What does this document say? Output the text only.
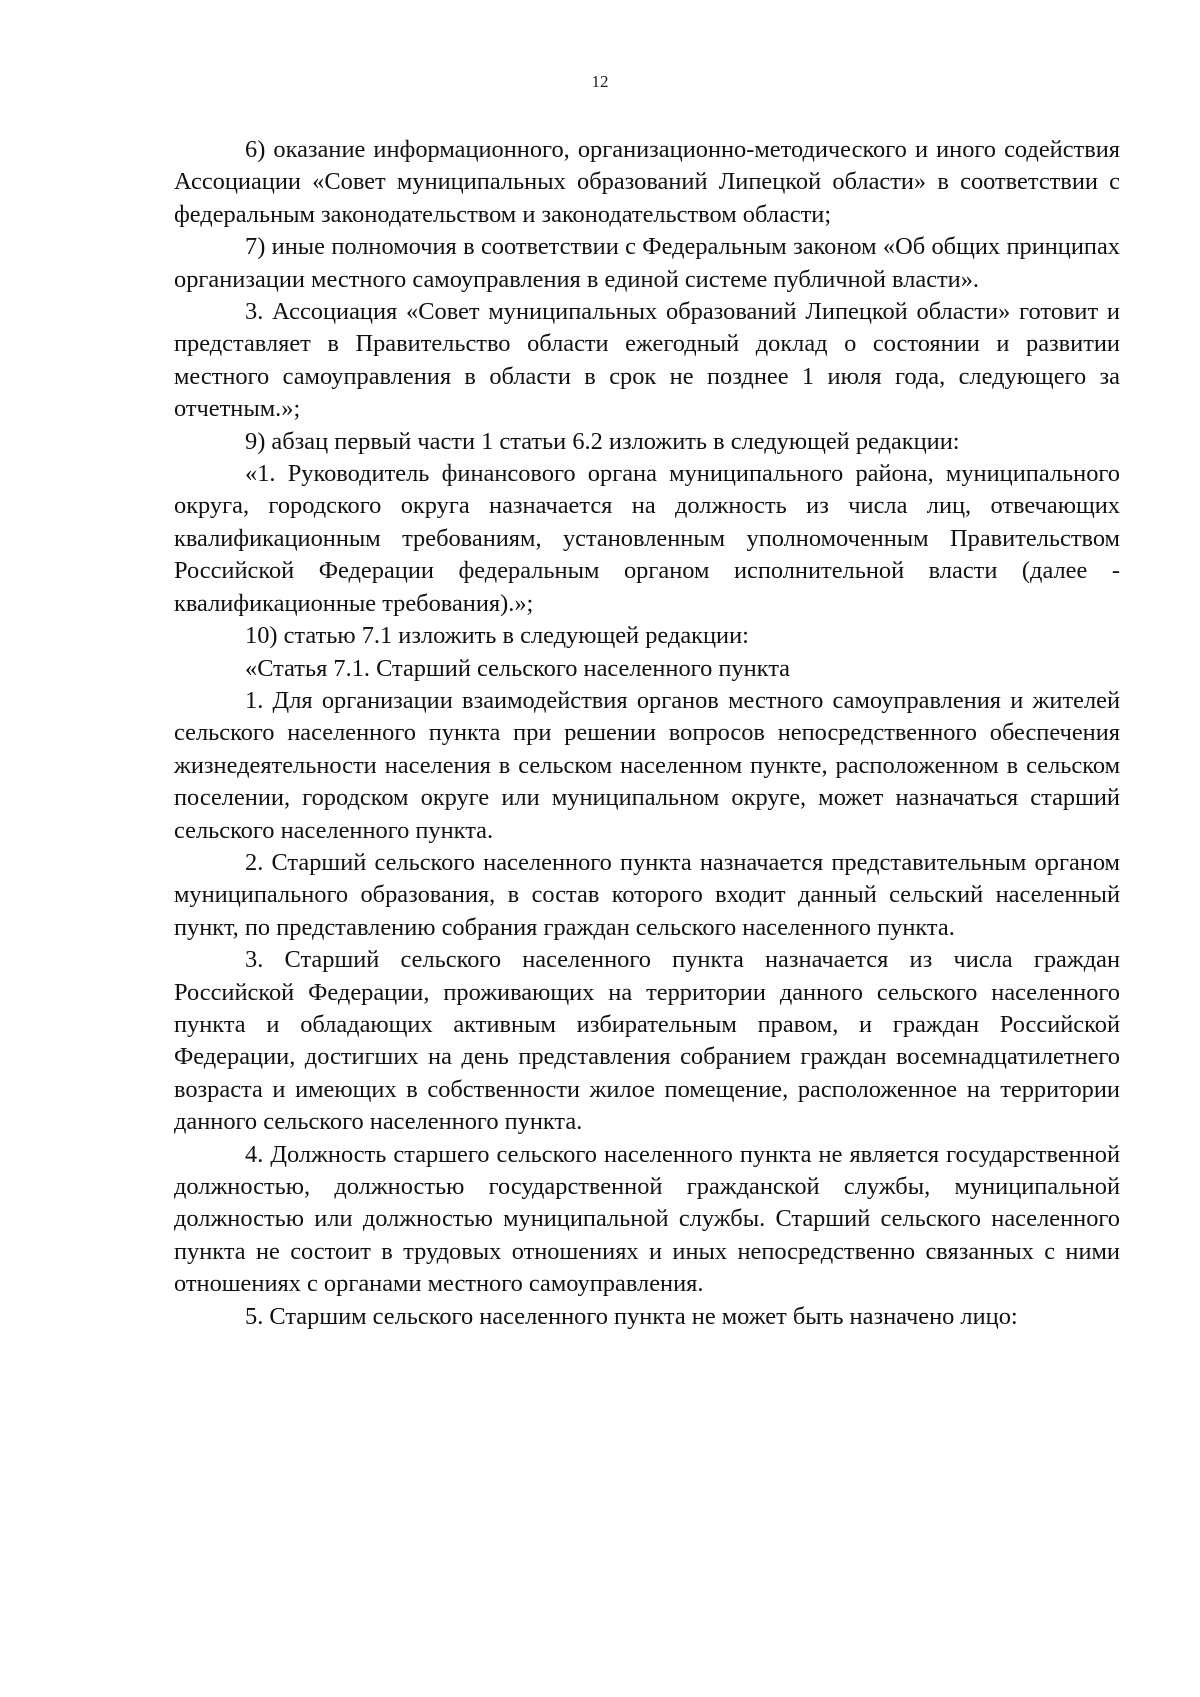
12

6) оказание информационного, организационно-методического и иного содействия Ассоциации «Совет муниципальных образований Липецкой области» в соответствии с федеральным законодательством и законодательством области;

7) иные полномочия в соответствии с Федеральным законом «Об общих принципах организации местного самоуправления в единой системе публичной власти».

3. Ассоциация «Совет муниципальных образований Липецкой области» готовит и представляет в Правительство области ежегодный доклад о состоянии и развитии местного самоуправления в области в срок не позднее 1 июля года, следующего за отчетным.»;

9) абзац первый части 1 статьи 6.2 изложить в следующей редакции:

«1. Руководитель финансового органа муниципального района, муниципального округа, городского округа назначается на должность из числа лиц, отвечающих квалификационным требованиям, установленным уполномоченным Правительством Российской Федерации федеральным органом исполнительной власти (далее - квалификационные требования).»;

10) статью 7.1 изложить в следующей редакции:

«Статья 7.1. Старший сельского населенного пункта

1. Для организации взаимодействия органов местного самоуправления и жителей сельского населенного пункта при решении вопросов непосредственного обеспечения жизнедеятельности населения в сельском населенном пункте, расположенном в сельском поселении, городском округе или муниципальном округе, может назначаться старший сельского населенного пункта.

2. Старший сельского населенного пункта назначается представительным органом муниципального образования, в состав которого входит данный сельский населенный пункт, по представлению собрания граждан сельского населенного пункта.

3. Старший сельского населенного пункта назначается из числа граждан Российской Федерации, проживающих на территории данного сельского населенного пункта и обладающих активным избирательным правом, и граждан Российской Федерации, достигших на день представления собранием граждан восемнадцатилетнего возраста и имеющих в собственности жилое помещение, расположенное на территории данного сельского населенного пункта.

4. Должность старшего сельского населенного пункта не является государственной должностью, должностью государственной гражданской службы, муниципальной должностью или должностью муниципальной службы. Старший сельского населенного пункта не состоит в трудовых отношениях и иных непосредственно связанных с ними отношениях с органами местного самоуправления.

5. Старшим сельского населенного пункта не может быть назначено лицо:
